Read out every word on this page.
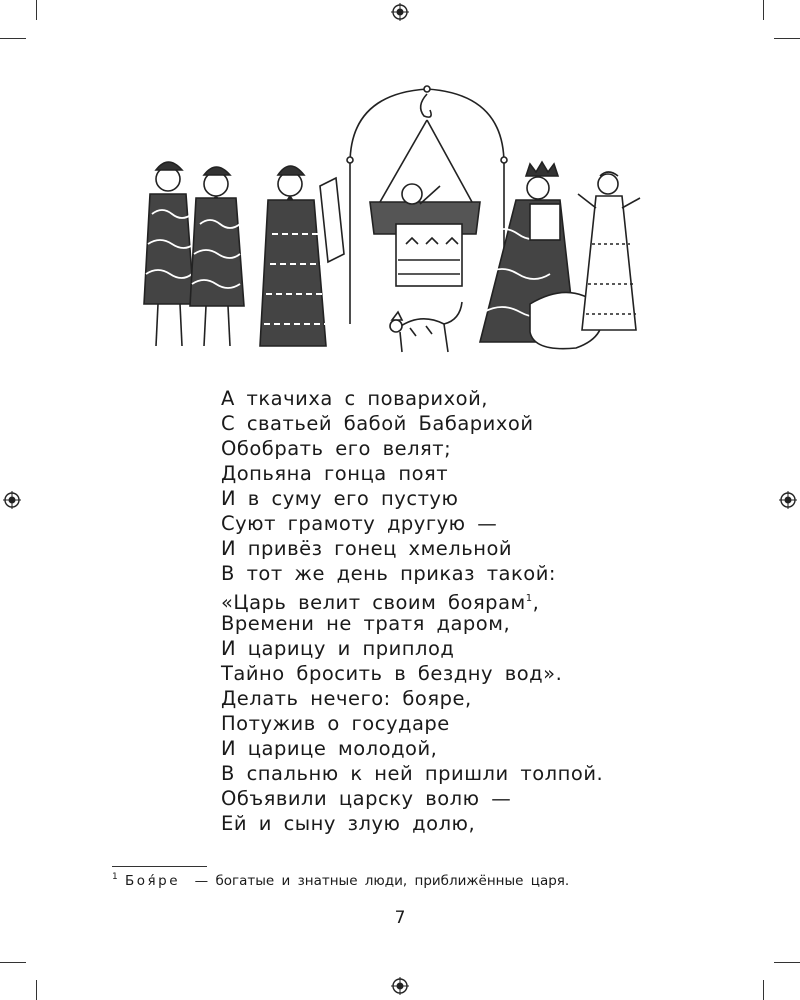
А ткачиха с поварихой,
С сватьей бабой Бабарихой
Обобрать его велят;
Допьяна гонца поят
И в суму его пустую
Суют грамоту другую —
И привёз гонец хмельной
В тот же день приказ такой:
«Царь велит своим боярам$^1$,
Времени не тратя даром,
И царицу и приплод
Тайно бросить в бездну вод».
Делать нечего: бояре,
Потужив о государе
И царице молодой,
В спальню к ней пришли толпой.
Объявили царску волю —
Ей и сыну злую долю,
$^1$ Боя́ре — богатые и знатные люди, приближённые царя.
7
